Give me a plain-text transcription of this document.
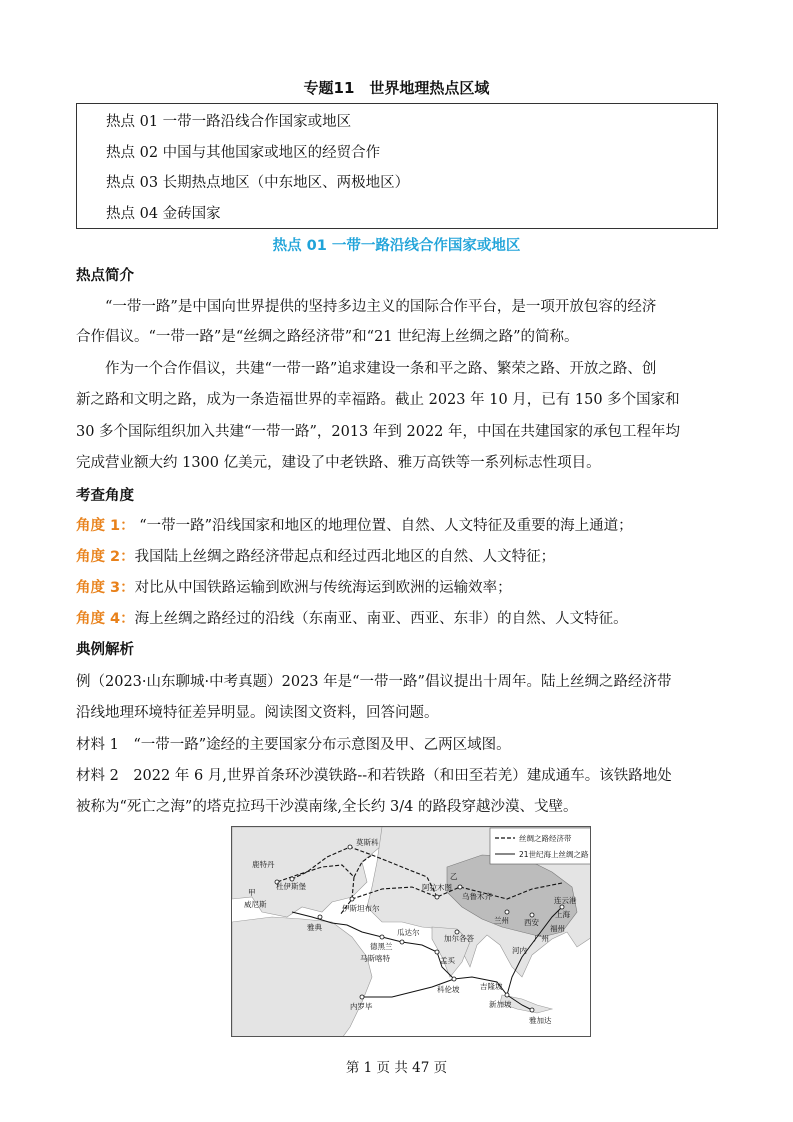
专题11　世界地理热点区域
热点 01 一带一路沿线合作国家或地区
热点 02 中国与其他国家或地区的经贸合作
热点 03 长期热点地区（中东地区、两极地区）
热点 04 金砖国家
热点 01 一带一路沿线合作国家或地区
热点简介
“一带一路”是中国向世界提供的坚持多边主义的国际合作平台，是一项开放包容的经济
合作倡议。“一带一路”是“丝绸之路经济带”和“21 世纪海上丝绸之路”的简称。
作为一个合作倡议，共建“一带一路”追求建设一条和平之路、繁荣之路、开放之路、创
新之路和文明之路，成为一条造福世界的幸福路。截止 2023 年 10 月，已有 150 多个国家和
30 多个国际组织加入共建“一带一路”，2013 年到 2022 年，中国在共建国家的承包工程年均
完成营业额大约 1300 亿美元，建设了中老铁路、雅万高铁等一系列标志性项目。
考查角度
角度 1： “一带一路”沿线国家和地区的地理位置、自然、人文特征及重要的海上通道；
角度 2：我国陆上丝绸之路经济带起点和经过西北地区的自然、人文特征；
角度 3：对比从中国铁路运输到欧洲与传统海运到欧洲的运输效率；
角度 4：海上丝绸之路经过的沿线（东南亚、南亚、西亚、东非）的自然、人文特征。
典例解析
例（2023·山东聊城·中考真题）2023 年是“一带一路”倡议提出十周年。陆上丝绸之路经济带
沿线地理环境特征差异明显。阅读图文资料，回答问题。
材料 1　“一带一路”途经的主要国家分布示意图及甲、乙两区域图。
材料 2　2022 年 6 月,世界首条环沙漠铁路--和若铁路（和田至若羌）建成通车。该铁路地处
被称为“死亡之海”的塔克拉玛干沙漠南缘,全长约 3/4 的路段穿越沙漠、戈壁。
丝绸之路经济带
21世纪海上丝绸之路
莫斯科
鹿特丹
杜伊斯堡
甲
威尼斯
雅典
伊斯坦布尔
阿拉木图
乌鲁木齐
乙
兰州 西安
连云港
上海
福州
广州
河内
德黑兰
瓜达尔
马斯喀特
加尔各答
孟买
科伦坡	吉隆坡
新加坡
雅加达
内罗毕
第 1 页 共 47 页
